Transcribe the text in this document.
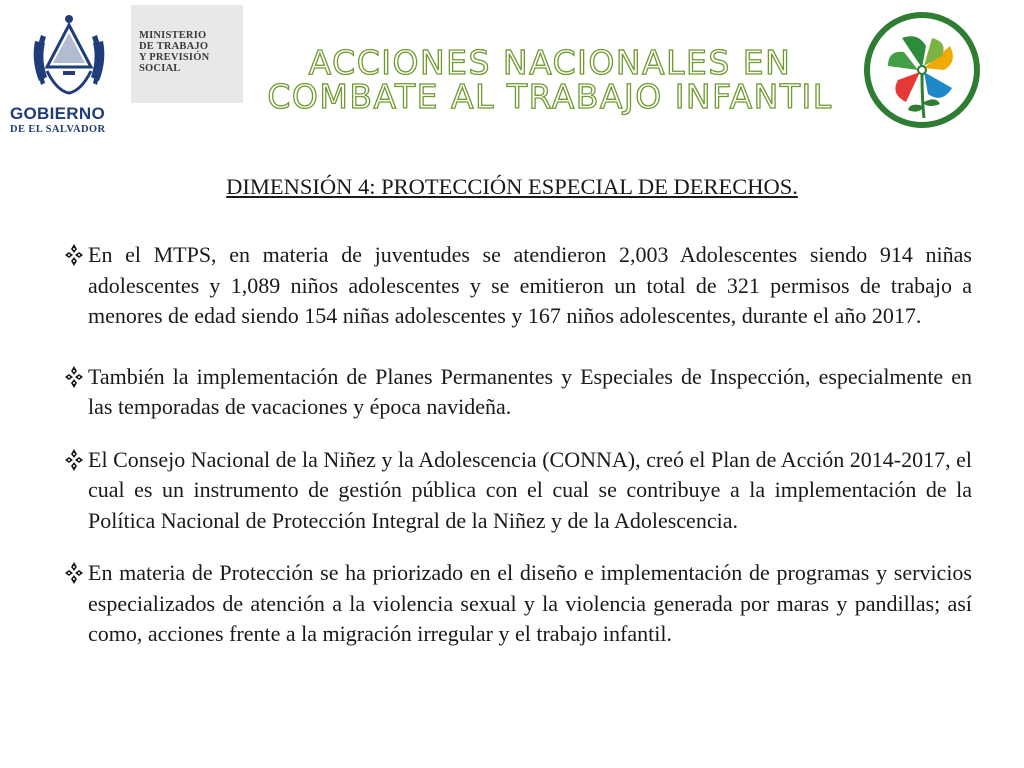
GOBIERNO
DE EL SALVADOR
MINISTERIO
DE TRABAJO
Y PREVISIÓN
SOCIAL	ACCIONES NACIONALES EN COMBATE AL TRABAJO INFANTIL
DIMENSIÓN 4: PROTECCIÓN ESPECIAL DE DERECHOS.

En el MTPS, en materia de juventudes se atendieron 2,003 Adolescentes siendo 914 niñas adolescentes y 1,089 niños adolescentes y se emitieron un total de 321 permisos de trabajo a menores de edad siendo 154 niñas adolescentes y 167 niños adolescentes, durante el año 2017.

También la implementación de Planes Permanentes y Especiales de Inspección, especialmente en las temporadas de vacaciones y época navideña.

El Consejo Nacional de la Niñez y la Adolescencia (CONNA), creó el Plan de Acción 2014-2017, el cual es un instrumento de gestión pública con el cual se contribuye a la implementación de la Política Nacional de Protección Integral de la Niñez y de la Adolescencia.

En materia de Protección se ha priorizado en el diseño e implementación de programas y servicios especializados de atención a la violencia sexual y la violencia generada por maras y pandillas; así como, acciones frente a la migración irregular y el trabajo infantil.
